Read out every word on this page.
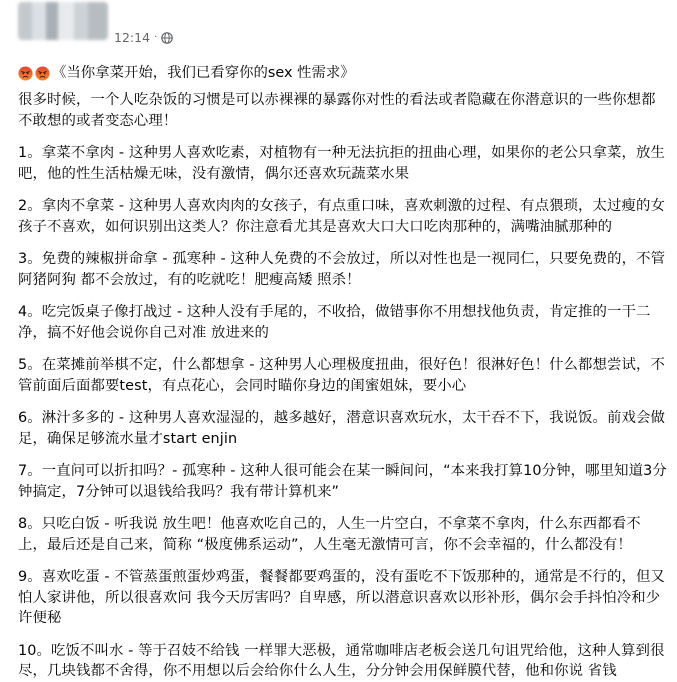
12:14 ·
《当你拿菜开始，我们已看穿你的sex 性需求》

很多时候，一个人吃杂饭的习惯是可以赤裸裸的暴露你对性的看法或者隐藏在你潜意识的一些你想都不敢想的或者变态心理！

1。拿菜不拿肉 - 这种男人喜欢吃素，对植物有一种无法抗拒的扭曲心理，如果你的老公只拿菜，放生吧，他的性生活枯燥无味，没有激情，偶尔还喜欢玩蔬菜水果

2。拿肉不拿菜 - 这种男人喜欢肉肉的女孩子，有点重口味，喜欢刺激的过程、有点猥琐，太过瘦的女孩子不喜欢，如何识别出这类人？你注意看尤其是喜欢大口大口吃肉那种的，满嘴油腻那种的

3。免费的辣椒拼命拿 - 孤寒种 - 这种人免费的不会放过，所以对性也是一视同仁，只要免费的，不管阿猪阿狗 都不会放过，有的吃就吃！肥瘦高矮 照杀！

4。吃完饭桌子像打战过 - 这种人没有手尾的，不收拾，做错事你不用想找他负责，肯定推的一干二净，搞不好他会说你自己对准 放进来的

5。在菜摊前举棋不定，什么都想拿 - 这种男人心理极度扭曲，很好色！很淋好色！什么都想尝试，不管前面后面都要test，有点花心，会同时瞄你身边的闺蜜姐妹，要小心

6。淋汁多多的 - 这种男人喜欢湿湿的，越多越好，潜意识喜欢玩水，太干吞不下，我说饭。前戏会做足，确保足够流水量才start enjin

7。一直问可以折扣吗？- 孤寒种 - 这种人很可能会在某一瞬间问，“本来我打算10分钟，哪里知道3分钟搞定，7分钟可以退钱给我吗？我有带计算机来”

8。只吃白饭 - 听我说 放生吧！他喜欢吃自己的，人生一片空白，不拿菜不拿肉，什么东西都看不上，最后还是自己来，简称 “极度佛系运动”，人生毫无激情可言，你不会幸福的，什么都没有！

9。喜欢吃蛋 - 不管蒸蛋煎蛋炒鸡蛋，餐餐都要鸡蛋的，没有蛋吃不下饭那种的，通常是不行的，但又怕人家讲他，所以很喜欢问 我今天厉害吗？自卑感，所以潜意识喜欢以形补形，偶尔会手抖怕冷和少许便秘

10。吃饭不叫水 - 等于召妓不给钱 一样罪大恶极，通常咖啡店老板会送几句诅咒给他，这种人算到很尽，几块钱都不舍得，你不用想以后会给你什么人生，分分钟会用保鲜膜代替，他和你说 省钱
